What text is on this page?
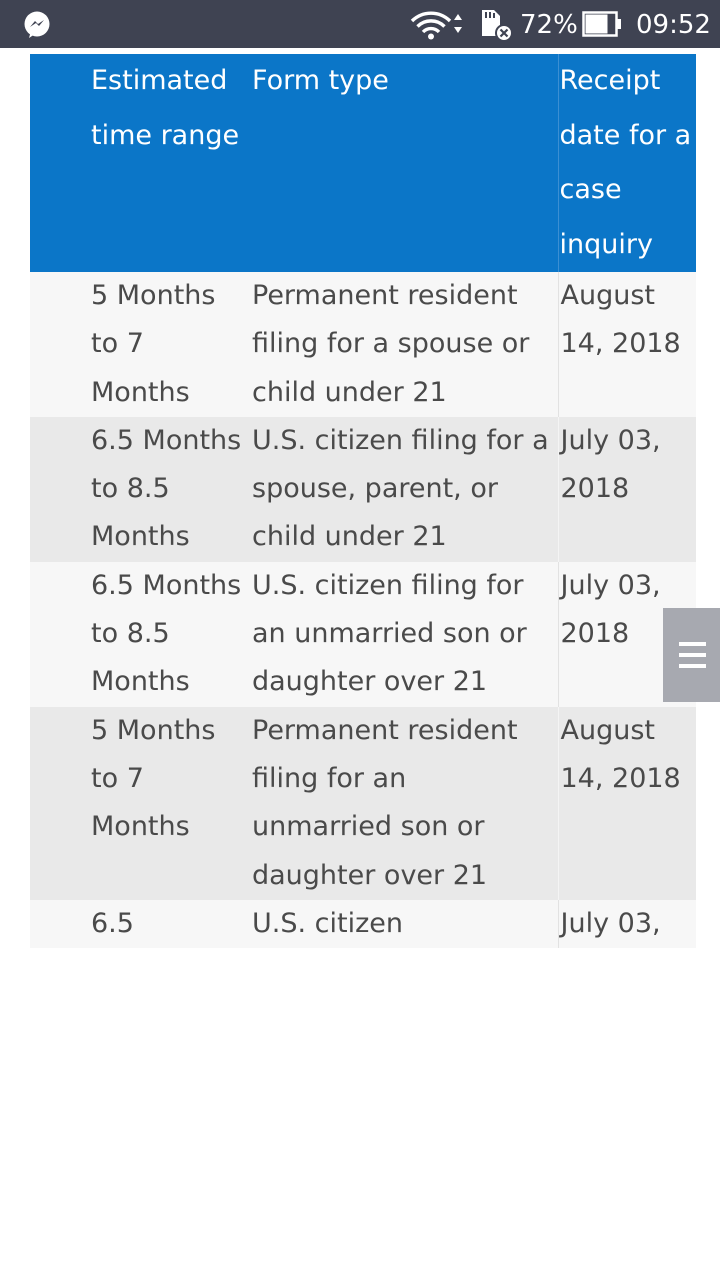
72% 09:52
Estimated time range	Form type	Receipt date for a case inquiry
5 Months to 7 Months	Permanent resident filing for a spouse or child under 21	August 14, 2018
6.5 Months to 8.5 Months	U.S. citizen filing for a spouse, parent, or child under 21	July 03, 2018
6.5 Months to 8.5 Months	U.S. citizen filing for an unmarried son or daughter over 21	July 03, 2018
5 Months to 7 Months	Permanent resident filing for an unmarried son or daughter over 21	August 14, 2018
6.5	U.S. citizen	July 03,
